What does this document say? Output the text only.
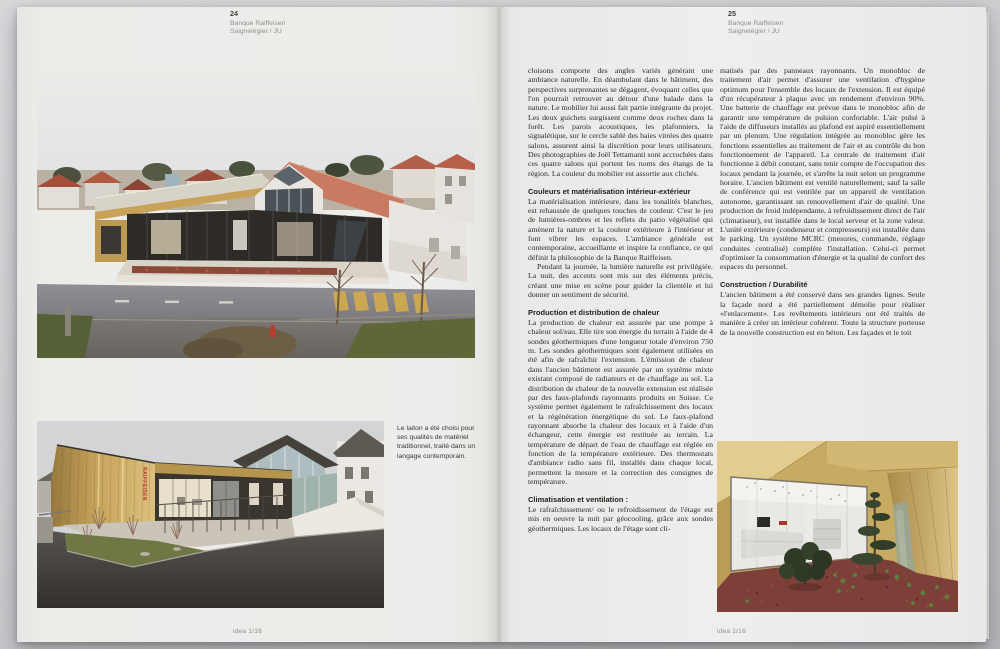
24
Banque Raiffeisen
Saignelégier / JU
RAIFFEISEN
Le laiton a été choisi pour ses qualités de matériel traditionnel, traité dans un langage contemporain.
idea 1/16
25
Banque Raiffeisen
Saignelégier / JU

cloisons comporte des angles variés générant une ambiance naturelle. En déambulant dans le bâtiment, des perspectives surprenantes se dégagent, évoquant celles que l'on pourrait retrouver au détour d'une balade dans la nature. Le mobilier lui aussi fait partie intégrante du projet. Les deux guichets surgissent comme deux roches dans la forêt. Les parois acoustiques, les plafonniers, la signalétique, sur le cercle sablé des baies vitrées des quatre salons, assurent ainsi la discrétion pour leurs utilisateurs. Des photographies de Joël Tettamanti sont accrochées dans ces quatre salons qui portent les noms des étangs de la région. La couleur du mobilier est assortie aux clichés.

Couleurs et matérialisation intérieur-extérieur

La matérialisation intérieure, dans les tonalités blanches, est rehaussée de quelques touches de couleur. C'est le jeu de lumières-ombres et les reflets du patio végétalisé qui amènent la nature et la couleur extérieure à l'intérieur et font vibrer les espaces. L'ambiance générale est contemporaine, accueillante et inspire la confiance, ce qui définit la philosophie de la Banque Raiffeisen.

Pendant la journée, la lumière naturelle est privilégiée. La nuit, des accents sont mis sur des éléments précis, créant une mise en scène pour guider la clientèle et lui donner un sentiment de sécurité.

Production et distribution de chaleur

La production de chaleur est assurée par une pompe à chaleur sol/eau. Elle tire son énergie du terrain à l'aide de 4 sondes géothermiques d'une longueur totale d'environ 750 m. Les sondes géothermiques sont également utilisées en été afin de rafraîchir l'extension. L'émission de chaleur dans l'ancien bâtiment est assurée par un système mixte existant composé de radiateurs et de chauffage au sol. La distribution de chaleur de la nouvelle extension est réalisée par des faux-plafonds rayonnants produits en Suisse. Ce système permet également le rafraîchissement des locaux et la régénération énergétique du sol. Le faux-plafond rayonnant absorbe la chaleur des locaux et à l'aide d'un échangeur, cette énergie est restituée au terrain. La température de départ de l'eau de chauffage est réglée en fonction de la température extérieure. Des thermostats d'ambiance radio sans fil, installés dans chaque local, permettent la mesure et la correction des consignes de température.

Climatisation et ventilation :

Le rafraîchissement/ ou le refroidissement de l'étage est mis en oeuvre la nuit par géocooling, grâce aux sondes géothermiques. Les locaux de l'étage sont cli-

matisés par des panneaux rayonnants. Un monobloc de traitement d'air permet d'assurer une ventilation d'hygiène optimum pour l'ensemble des locaux de l'extension. Il est équipé d'un récupérateur à plaque avec un rendement d'environ 90%. Une batterie de chauffage est prévue dans le monobloc afin de garantir une température de pulsion confortable. L'air pulsé à l'aide de diffuseurs installés au plafond est aspiré essentiellement par un plenum. Une régulation intégrée au monobloc gère les fonctions essentielles au traitement de l'air et au contrôle du bon fonctionnement de l'appareil. La centrale de traitement d'air fonctionne à débit constant, sans tenir compte de l'occupation des locaux pendant la journée, et s'arrête la nuit selon un programme horaire. L'ancien bâtiment est ventilé naturellement, sauf la salle de conférence qui est ventilée par un appareil de ventilation autonome, garantissant un renouvellement d'air de qualité. Une production de froid indépendante, à refroidissement direct de l'air (climatiseur), est installée dans le local serveur et la zone valeur. L'unité extérieure (condenseur et compresseurs) est installée dans le parking. Un système MCRC (mesures, commande, réglage conduites centralisé) complète l'installation. Celui-ci permet d'optimiser la consommation d'énergie et la qualité de confort des espaces du personnel.

Construction / Durabilité

L'ancien bâtiment a été conservé dans ses grandes lignes. Seule la façade nord a été partiellement démolie pour réaliser «l'enlacement». Les revêtements intérieurs ont été traités de manière à créer un intérieur cohérent. Toute la structure porteuse de la nouvelle construction est en béton. Les façades et le toit

idea 1/16
